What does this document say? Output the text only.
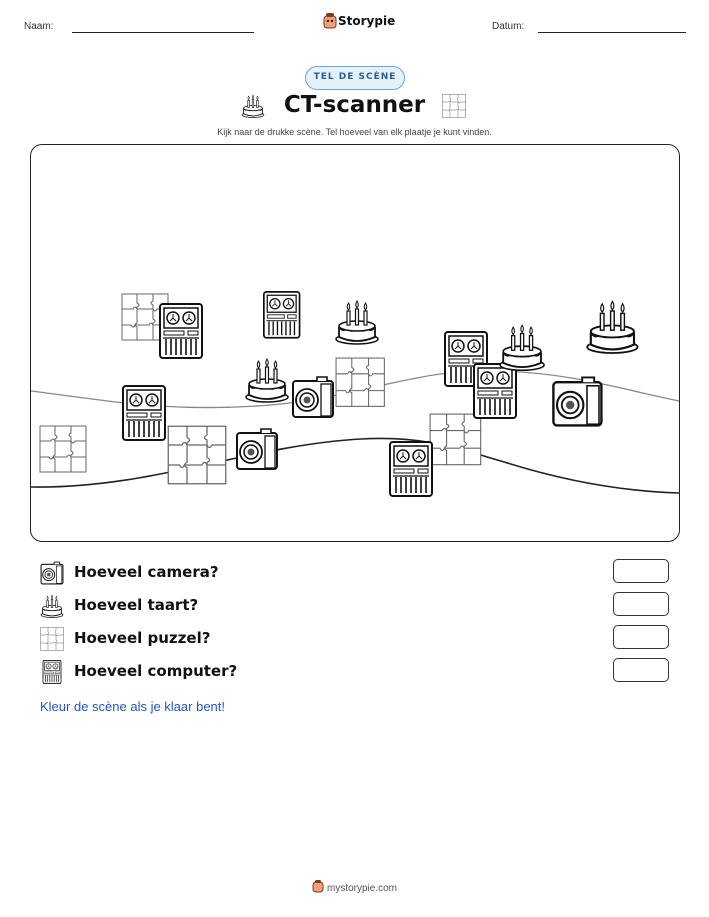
Naam:	Storypie	Datum:
TEL DE SCÈNE
CT-scanner
Kijk naar de drukke scène. Tel hoeveel van elk plaatje je kunt vinden.
Hoeveel camera?
Hoeveel taart?
Hoeveel puzzel?
Hoeveel computer?
Kleur de scène als je klaar bent!
mystorypie.com
